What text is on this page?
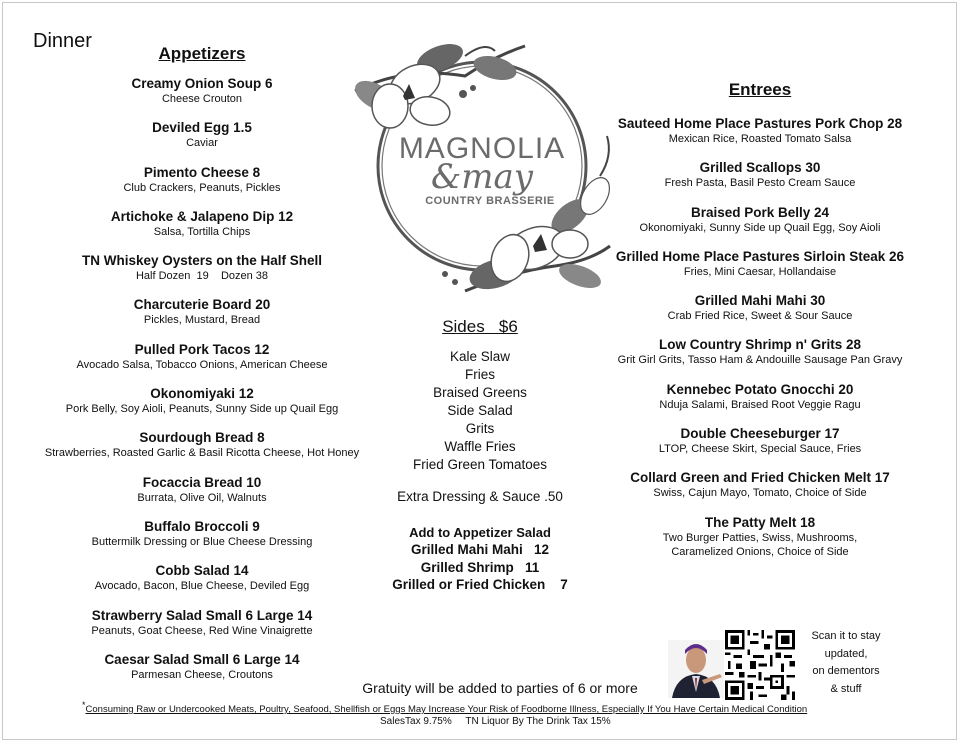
Dinner
Appetizers
Creamy Onion Soup 6
Cheese Crouton
Deviled Egg 1.5
Caviar
Pimento Cheese 8
Club Crackers, Peanuts, Pickles
Artichoke & Jalapeno Dip 12
Salsa, Tortilla Chips
TN Whiskey Oysters on the Half Shell
Half Dozen  19    Dozen 38
Charcuterie Board 20
Pickles, Mustard, Bread
Pulled Pork Tacos 12
Avocado Salsa, Tobacco Onions, American Cheese
Okonomiyaki 12
Pork Belly, Soy Aioli, Peanuts, Sunny Side up Quail Egg
Sourdough Bread 8
Strawberries, Roasted Garlic & Basil Ricotta Cheese, Hot Honey
Focaccia Bread 10
Burrata, Olive Oil, Walnuts
Buffalo Broccoli 9
Buttermilk Dressing or Blue Cheese Dressing
Cobb Salad 14
Avocado, Bacon, Blue Cheese, Deviled Egg
Strawberry Salad Small 6 Large 14
Peanuts, Goat Cheese, Red Wine Vinaigrette
Caesar Salad Small 6 Large 14
Parmesan Cheese, Croutons
MAGNOLIA
&may
COUNTRY BRASSERIE
Sides   $6
Kale Slaw
Fries
Braised Greens
Side Salad
Grits
Waffle Fries
Fried Green Tomatoes
Extra Dressing & Sauce .50
Add to Appetizer Salad
Grilled Mahi Mahi   12
Grilled Shrimp   11
Grilled or Fried Chicken    7
Entrees
Sauteed Home Place Pastures Pork Chop 28
Mexican Rice, Roasted Tomato Salsa
Grilled Scallops 30
Fresh Pasta, Basil Pesto Cream Sauce
Braised Pork Belly 24
Okonomiyaki, Sunny Side up Quail Egg, Soy Aioli
Grilled Home Place Pastures Sirloin Steak 26
Fries, Mini Caesar, Hollandaise
Grilled Mahi Mahi 30
Crab Fried Rice, Sweet & Sour Sauce
Low Country Shrimp n' Grits 28
Grit Girl Grits, Tasso Ham & Andouille Sausage Pan Gravy
Kennebec Potato Gnocchi 20
Nduja Salami, Braised Root Veggie Ragu
Double Cheeseburger 17
LTOP, Cheese Skirt, Special Sauce, Fries
Collard Green and Fried Chicken Melt 17
Swiss, Cajun Mayo, Tomato, Choice of Side
The Patty Melt 18
Two Burger Patties, Swiss, Mushrooms,
Caramelized Onions, Choice of Side
Gratuity will be added to parties of 6 or more
*Consuming Raw or Undercooked Meats, Poultry, Seafood, Shellfish or Eggs May Increase Your Risk of Foodborne Illness, Especially If You Have Certain Medical Condition
SalesTax 9.75%     TN Liquor By The Drink Tax 15%
Scan it to stay
updated,
on dementors
& stuff
